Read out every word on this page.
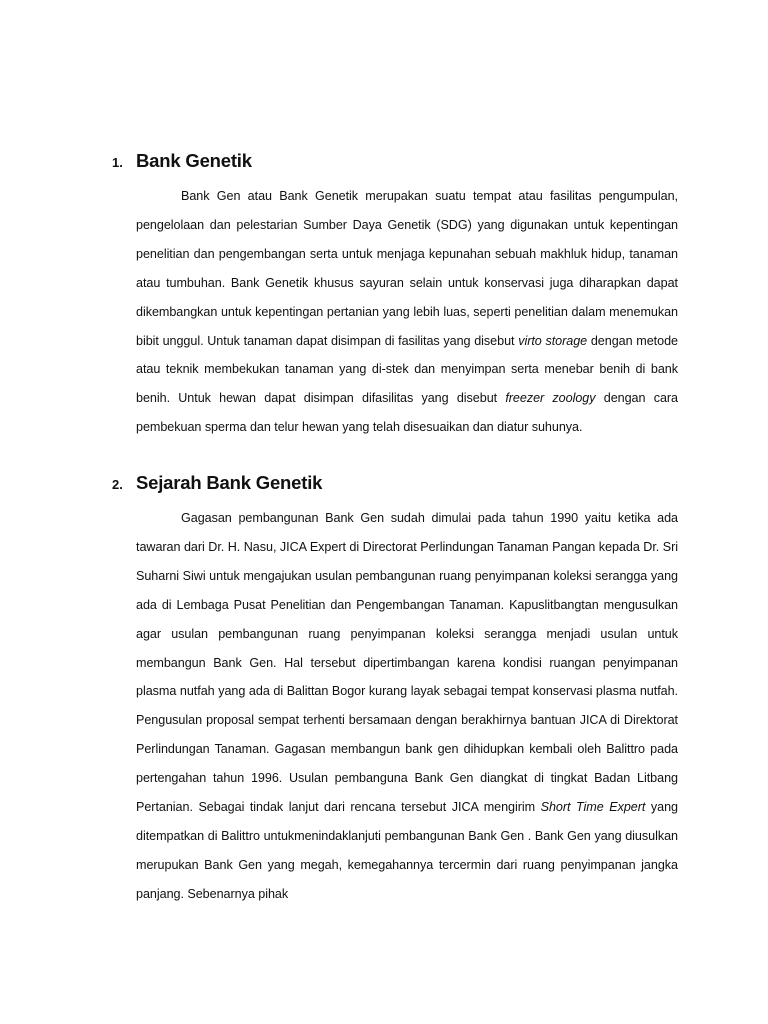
1. Bank Genetik

Bank Gen atau Bank Genetik merupakan suatu tempat atau fasilitas pengumpulan, pengelolaan dan pelestarian Sumber Daya Genetik (SDG) yang digunakan untuk kepentingan penelitian dan pengembangan serta untuk menjaga kepunahan sebuah makhluk hidup, tanaman atau tumbuhan. Bank Genetik khusus sayuran selain untuk konservasi juga diharapkan dapat dikembangkan untuk kepentingan pertanian yang lebih luas, seperti penelitian dalam menemukan bibit unggul. Untuk tanaman dapat disimpan di fasilitas yang disebut virto storage dengan metode atau teknik membekukan tanaman yang di-stek dan menyimpan serta menebar benih di bank benih. Untuk hewan dapat disimpan difasilitas yang disebut freezer zoology dengan cara pembekuan sperma dan telur hewan yang telah disesuaikan dan diatur suhunya.

2. Sejarah Bank Genetik

Gagasan pembangunan Bank Gen sudah dimulai pada tahun 1990 yaitu ketika ada tawaran dari Dr. H. Nasu, JICA Expert di Directorat Perlindungan Tanaman Pangan kepada Dr. Sri Suharni Siwi untuk mengajukan usulan pembangunan ruang penyimpanan koleksi serangga yang ada di Lembaga Pusat Penelitian dan Pengembangan Tanaman. Kapuslitbangtan mengusulkan agar usulan pembangunan ruang penyimpanan koleksi serangga menjadi usulan untuk membangun Bank Gen. Hal tersebut dipertimbangan karena kondisi ruangan penyimpanan plasma nutfah yang ada di Balittan Bogor kurang layak sebagai tempat konservasi plasma nutfah. Pengusulan proposal sempat terhenti bersamaan dengan berakhirnya bantuan JICA di Direktorat Perlindungan Tanaman. Gagasan membangun bank gen dihidupkan kembali oleh Balittro pada pertengahan tahun 1996. Usulan pembanguna Bank Gen diangkat di tingkat Badan Litbang Pertanian. Sebagai tindak lanjut dari rencana tersebut JICA mengirim Short Time Expert yang ditempatkan di Balittro untukmenindaklanjuti pembangunan Bank Gen . Bank Gen yang diusulkan merupukan Bank Gen yang megah, kemegahannya tercermin dari ruang penyimpanan jangka panjang. Sebenarnya pihak
